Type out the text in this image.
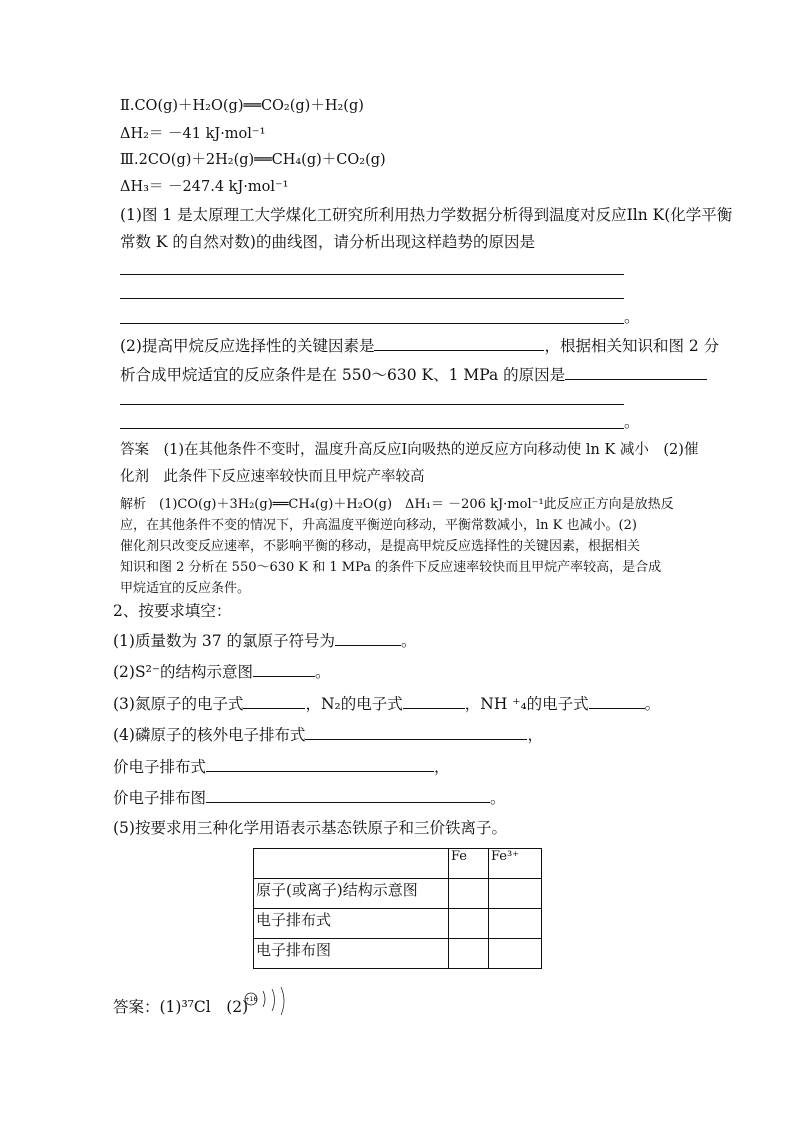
Ⅱ.CO(g)＋H₂O(g)══CO₂(g)＋H₂(g)
ΔH₂＝ －41 kJ·mol⁻¹
Ⅲ.2CO(g)＋2H₂(g)══CH₄(g)＋CO₂(g)
ΔH₃＝ －247.4 kJ·mol⁻¹
(1)图 1 是太原理工大学煤化工研究所利用热力学数据分析得到温度对反应Ⅰln K(化学平衡
常数 K 的自然对数)的曲线图，请分析出现这样趋势的原因是
。
(2)提高甲烷反应选择性的关键因素是	，根据相关知识和图 2 分
析合成甲烷适宜的反应条件是在 550～630 K、1 MPa 的原因是
。
答案　(1)在其他条件不变时，温度升高反应Ⅰ向吸热的逆反应方向移动使 ln K 减小　(2)催
化剂　此条件下反应速率较快而且甲烷产率较高
解析　(1)CO(g)＋3H₂(g)══CH₄(g)＋H₂O(g)　ΔH₁＝ －206 kJ·mol⁻¹此反应正方向是放热反
应，在其他条件不变的情况下，升高温度平衡逆向移动，平衡常数减小，ln K 也减小。(2)
催化剂只改变反应速率，不影响平衡的移动，是提高甲烷反应选择性的关键因素，根据相关
知识和图 2 分析在 550～630 K 和 1 MPa 的条件下反应速率较快而且甲烷产率较高，是合成
甲烷适宜的反应条件。
2、按要求填空：
(1)质量数为 37 的氯原子符号为	。
(2)S²⁻的结构示意图	。
(3)氮原子的电子式	，N₂的电子式	，NH ⁺₄的电子式	。
(4)磷原子的核外电子排布式	，
价电子排布式	，
价电子排布图	。
(5)按要求用三种化学用语表示基态铁原子和三价铁离子。
	Fe	Fe³⁺
原子(或离子)结构示意图		
电子排布式		
电子排布图		
答案：(1)³⁷Cl　(2)
+16
